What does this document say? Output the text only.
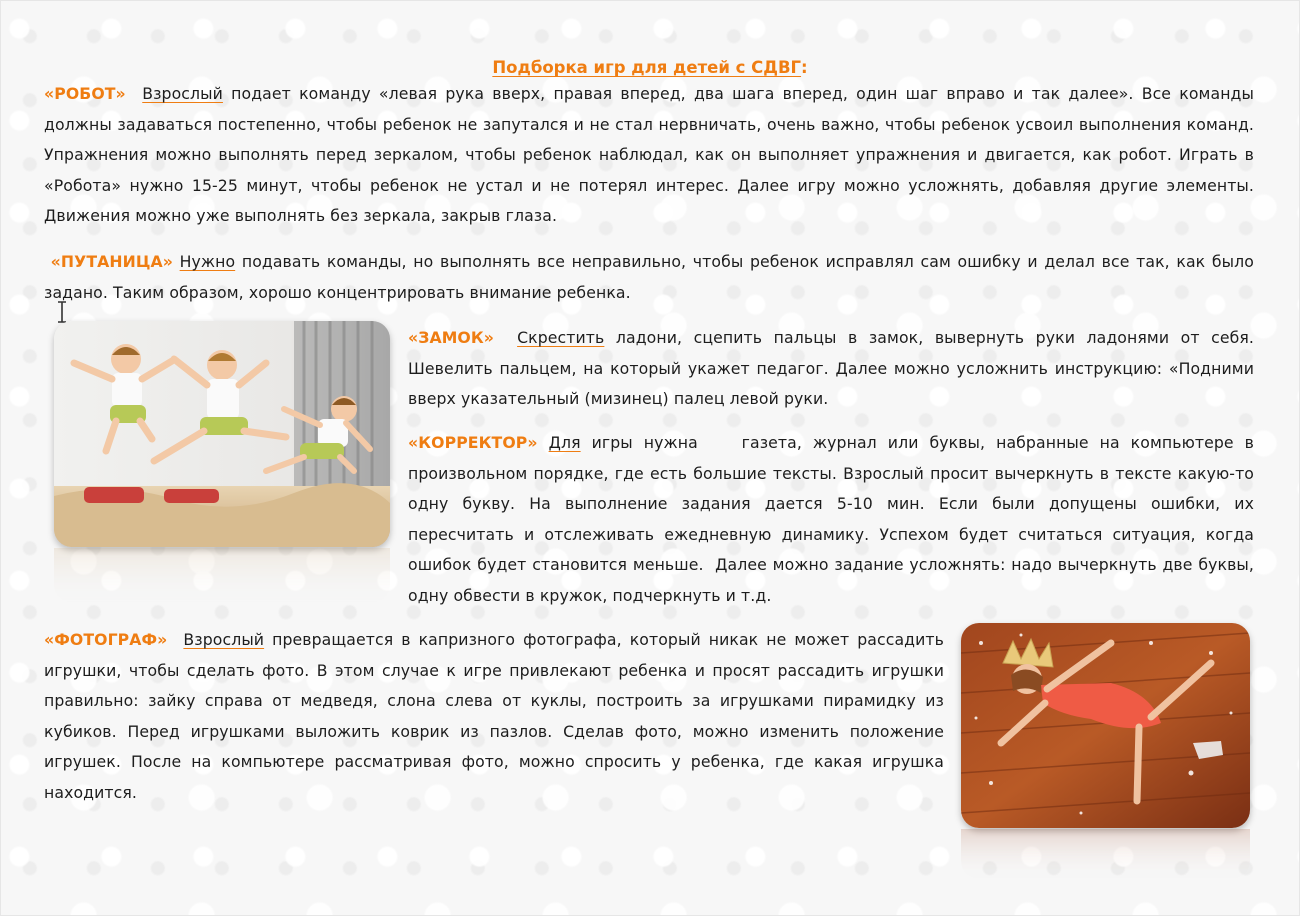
Подборка игр для детей с СДВГ:

«РОБОТ» Взрослый подает команду «левая рука вверх, правая вперед, два шага вперед, один шаг вправо и так далее». Все команды должны задаваться постепенно, чтобы ребенок не запутался и не стал нервничать, очень важно, чтобы ребенок усвоил выполнения команд. Упражнения можно выполнять перед зеркалом, чтобы ребенок наблюдал, как он выполняет упражнения и двигается, как робот. Играть в «Робота» нужно 15-25 минут, чтобы ребенок не устал и не потерял интерес. Далее игру можно усложнять, добавляя другие элементы. Движения можно уже выполнять без зеркала, закрыв глаза.

«ПУТАНИЦА» Нужно подавать команды, но выполнять все неправильно, чтобы ребенок исправлял сам ошибку и делал все так, как было задано. Таким образом, хорошо концентрировать внимание ребенка.

«ЗАМОК» Скрестить ладони, сцепить пальцы в замок, вывернуть руки ладонями от себя. Шевелить пальцем, на который укажет педагог. Далее можно усложнить инструкцию: «Подними вверх указательный (мизинец) палец левой руки.

«КОРРЕКТОР» Для игры нужна    газета, журнал или буквы, набранные на компьютере в произвольном порядке, где есть большие тексты. Взрослый просит вычеркнуть в тексте какую-то одну букву. На выполнение задания дается 5-10 мин. Если были допущены ошибки, их пересчитать и отслеживать ежедневную динамику. Успехом будет считаться ситуация, когда ошибок будет становится меньше.  Далее можно задание усложнять: надо вычеркнуть две буквы, одну обвести в кружок, подчеркнуть и т.д.

«ФОТОГРАФ» Взрослый превращается в капризного фотографа, который никак не может рассадить игрушки, чтобы сделать фото. В этом случае к игре привлекают ребенка и просят рассадить игрушки правильно: зайку справа от медведя, слона слева от куклы, построить за игрушками пирамидку из кубиков. Перед игрушками выложить коврик из пазлов. Сделав фото, можно изменить положение игрушек. После на компьютере рассматривая фото, можно спросить у ребенка, где какая игрушка находится.
